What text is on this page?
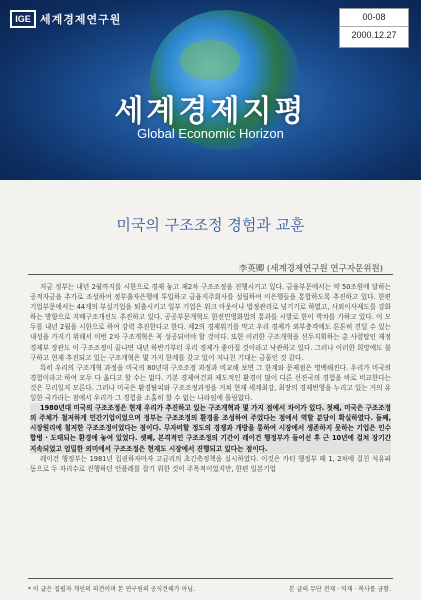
IGE 세계경제연구원	00-08
2000.12.27
세계경제지평
Global Economic Horizon
미국의 구조조정 경험과 교훈
李英卿 (세계경제연구원 연구자문위원)

지금 정부는 내년 2월까지를 시한으로 경제 놓고 제2차 구조조정을 진행시키고 있다. 금융부문에서는 약 50조원에 달하는 공적자금을 추가로 조성하여 정부출자은행에 투입하고 금융지주회사를 설립하여 이은행들을 통합하도록 추진하고 있다. 한편 기업부문에서는 44개의 부실기업을 퇴출시키고 일부 기업은 워크 아웃이나 법정관리로 넘기기로 하였고, 사외이사제도를 강화하는 방향으로 지배구조개선도 추진하고 있다. 공공부문개혁도 한전민영화법의 통과를 시발로 한이 박차를 가하고 있다. 이 모두를 내년 2월을 시한으로 하여 강력 추진한다고 한다. 제2의 경제위기를 막고 우리 경제가 외부충격에도 튼튼히 견딜 수 있는 내성을 가지기 위해서 이번 2차 구조개혁은 꼭 성공되어야 할 것이다. 또한 이러한 구조개혁을 선두지휘하는 총 사령탑인 재정경제부 장관도 이 구조조정이 끝나면 내년 하반기부터 우리 경제가 좋아질 것이라고 낙관하고 있다. 그러나 이러한 희망에도 불구하고 현재 추진되고 있는 구조개혁은 몇 가지 한계를 갖고 있어 지나친 기대는 금물인 것 같다.

특히 우리의 구조개혁 과정을 미국의 80년대 구조조정 과정과 비교해 보면 그 한계와 문제점은 명백해진다. 우리가 미국의 경험이라고 하여 모두 다 옳다고 할 수는 없다. 기본 경제여건과 제도적인 환경이 많이 다른 선진국의 경험을 바로 비교한다는 것은 무리일지 모른다. 그러나 미국은 환경탈피와 구조조정과정을 거쳐 현재 세계최강, 최장의 경제번영을 누리고 있는 거의 유일한 국가라는 점에서 우리가 그 경험을 소홀히 할 수 없는 나라임에 틀림없다.

1980년대 미국의 구조조정은 현재 우리가 추진하고 있는 구조개혁과 몇 가지 점에서 차이가 있다. 첫째, 미국은 구조조정의 주체가 철저하게 민간기업이었으며 정부는 구조조정의 환경을 조성하여 주었다는 점에서 역할 분담이 확실하였다. 둘째, 시장원리에 철저한 구조조정이었다는 점이다. 무자비할 정도의 경쟁과 개방을 통하여 시장에서 생존하지 못하는 기업은 인수합병 · 도태되는 환경에 놓여 있었다. 셋째, 본격적인 구조조정의 기간이 레이건 행정부가 들어선 후 근 10년에 걸쳐 장기간 지속되었고 엄밀한 의미에서 구조조정은 현재도 시장에서 진행되고 있다는 점이다.

레이건 행정부는 1981년 집권하자마자 고금리의 초긴축정책을 실시하였다. 이것은 카터 행정부 때 1, 2차에 걸친 석유파동으로 두 자리수로 진행하던 인플레를 잡기 위한 것이 주목적이었지만, 한편 일본기업

* 이 글은 집필자 개인의 의견이며 본 연구원의 공식견해가 아님.	본 글의 무단 전재 · 역재 · 복사를 금함.
